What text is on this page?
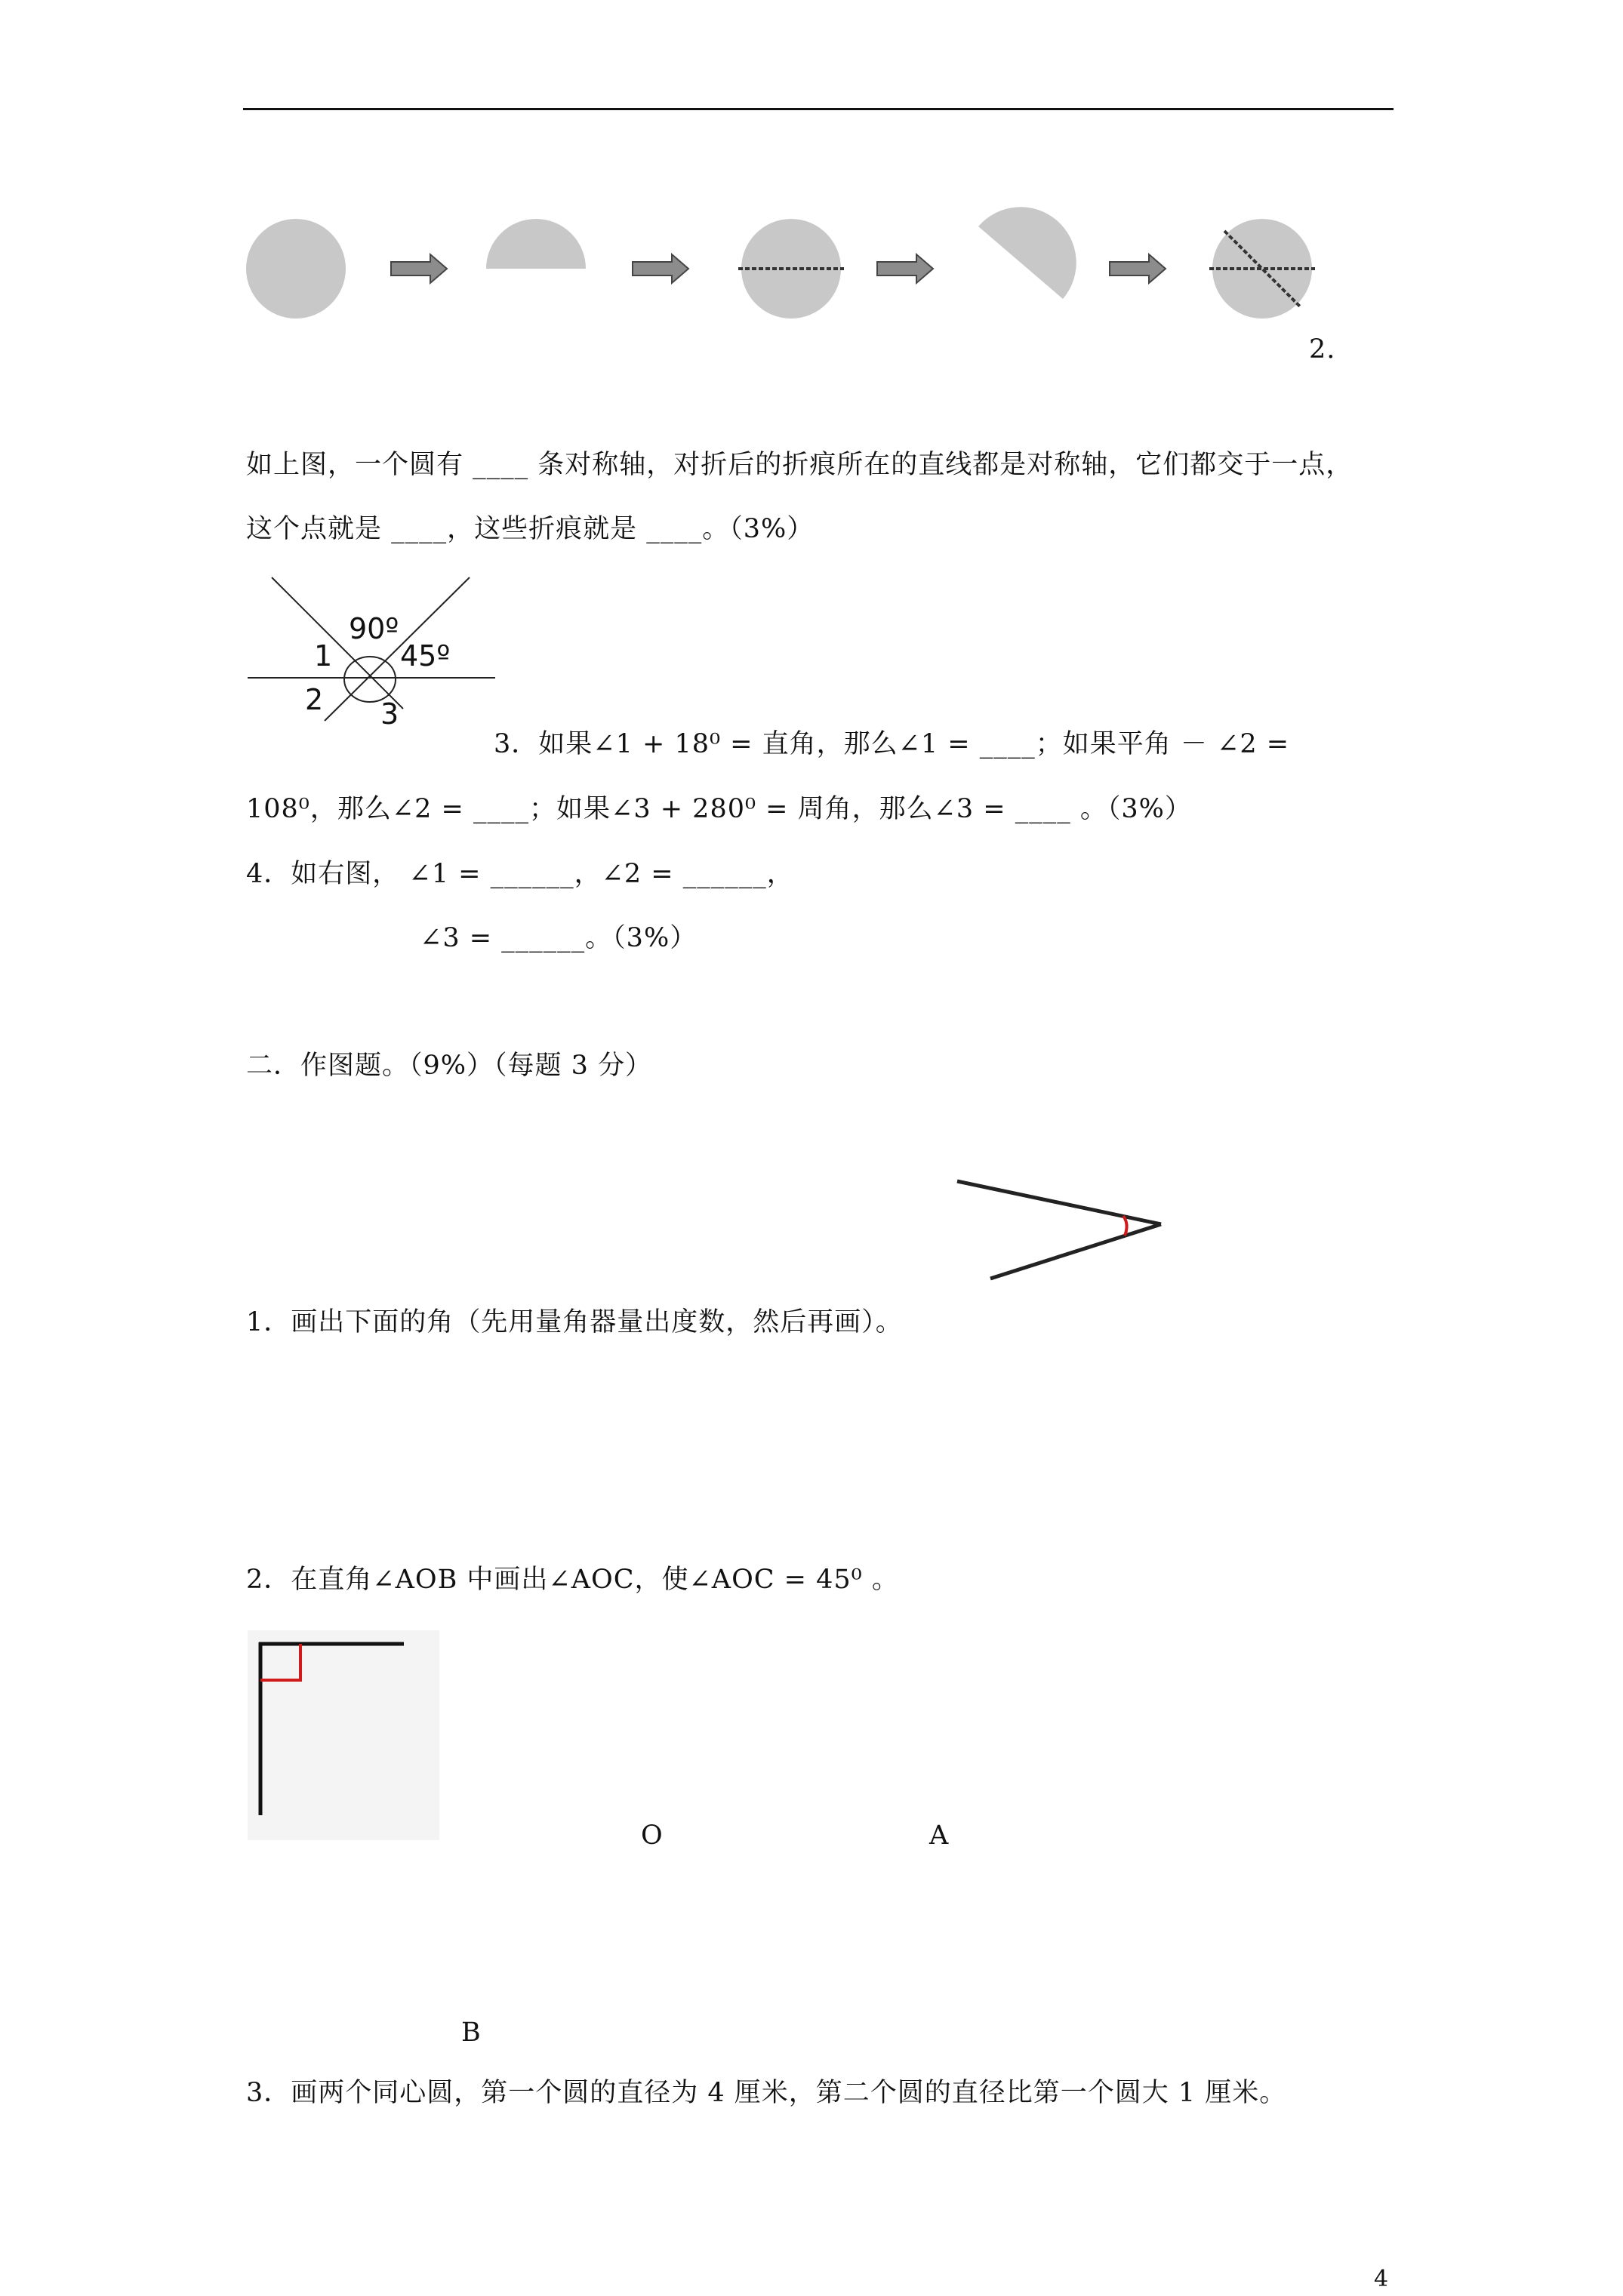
2.
如上图，一个圆有 ____ 条对称轴，对折后的折痕所在的直线都是对称轴，它们都交于一点，
这个点就是 ____，这些折痕就是 ____。（3%）
90º
45º
1
2 3
3．如果∠1 + 18⁰ = 直角，那么∠1 = ____；如果平角 － ∠2 =
108⁰，那么∠2 = ____；如果∠3 + 280⁰ = 周角，那么∠3 = ____ 。（3%）
4．如右图， ∠1 = ______，∠2 = ______，
∠3 = ______。（3%）
二．作图题。（9%）（每题 3 分）
1．画出下面的角（先用量角器量出度数，然后再画）。
2．在直角∠AOB 中画出∠AOC，使∠AOC = 45⁰ 。
O	A
B
3．画两个同心圆，第一个圆的直径为 4 厘米，第二个圆的直径比第一个圆大 1 厘米。
4
